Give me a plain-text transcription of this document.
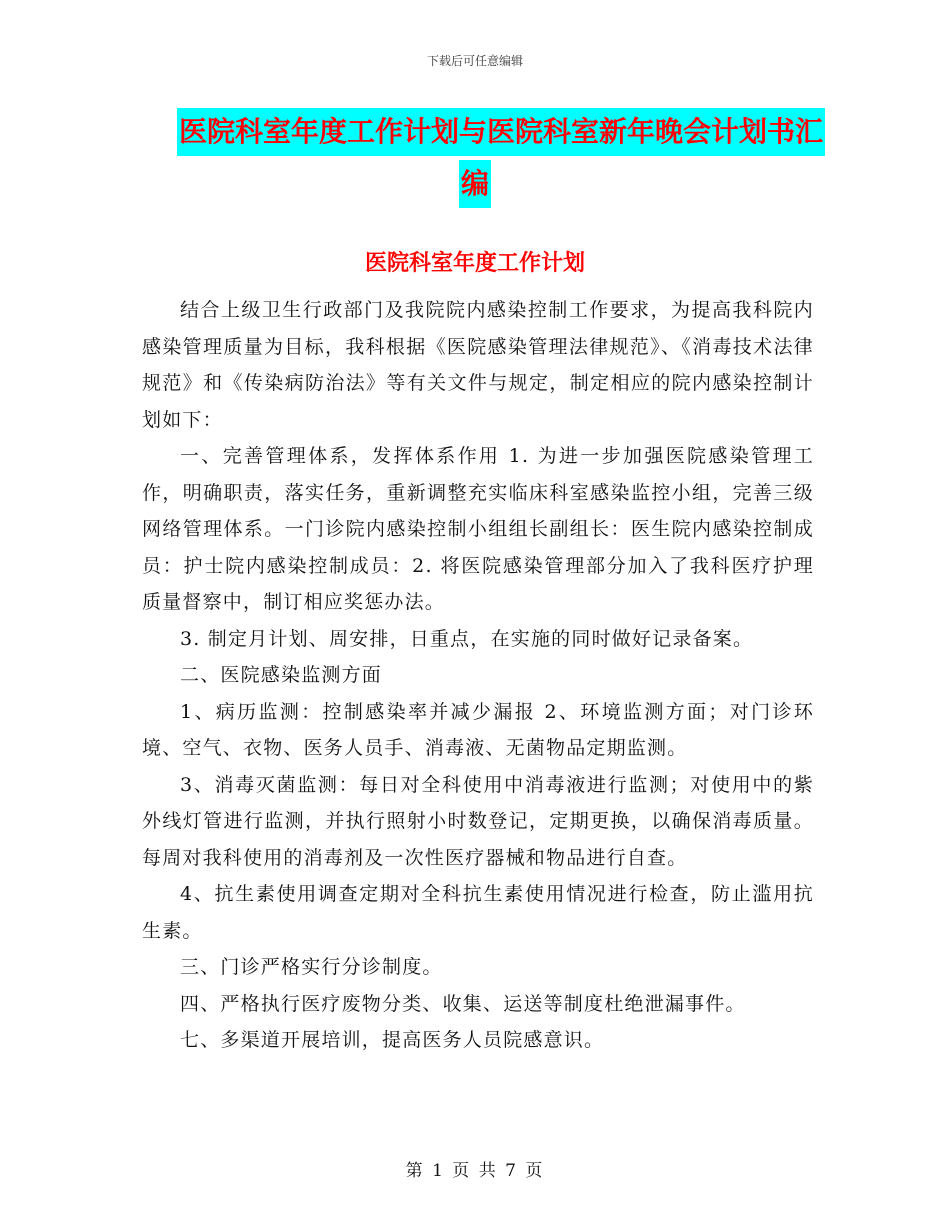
下载后可任意编辑
医院科室年度工作计划与医院科室新年晚会计划书汇
编
医院科室年度工作计划

结合上级卫生行政部门及我院院内感染控制工作要求，为提高我科院内感染管理质量为目标，我科根据《医院感染管理法律规范》、《消毒技术法律规范》和《传染病防治法》等有关文件与规定，制定相应的院内感染控制计划如下：

一、完善管理体系，发挥体系作用 1. 为进一步加强医院感染管理工作，明确职责，落实任务，重新调整充实临床科室感染监控小组，完善三级网络管理体系。一门诊院内感染控制小组组长副组长：医生院内感染控制成员：护士院内感染控制成员：2. 将医院感染管理部分加入了我科医疗护理质量督察中，制订相应奖惩办法。

3. 制定月计划、周安排，日重点，在实施的同时做好记录备案。

二、医院感染监测方面

1、病历监测：控制感染率并减少漏报 2、环境监测方面；对门诊环境、空气、衣物、医务人员手、消毒液、无菌物品定期监测。

3、消毒灭菌监测：每日对全科使用中消毒液进行监测；对使用中的紫外线灯管进行监测，并执行照射小时数登记，定期更换，以确保消毒质量。每周对我科使用的消毒剂及一次性医疗器械和物品进行自查。

4、抗生素使用调查定期对全科抗生素使用情况进行检查，防止滥用抗生素。

三、门诊严格实行分诊制度。

四、严格执行医疗废物分类、收集、运送等制度杜绝泄漏事件。

七、多渠道开展培训，提高医务人员院感意识。

第 1 页 共 7 页
